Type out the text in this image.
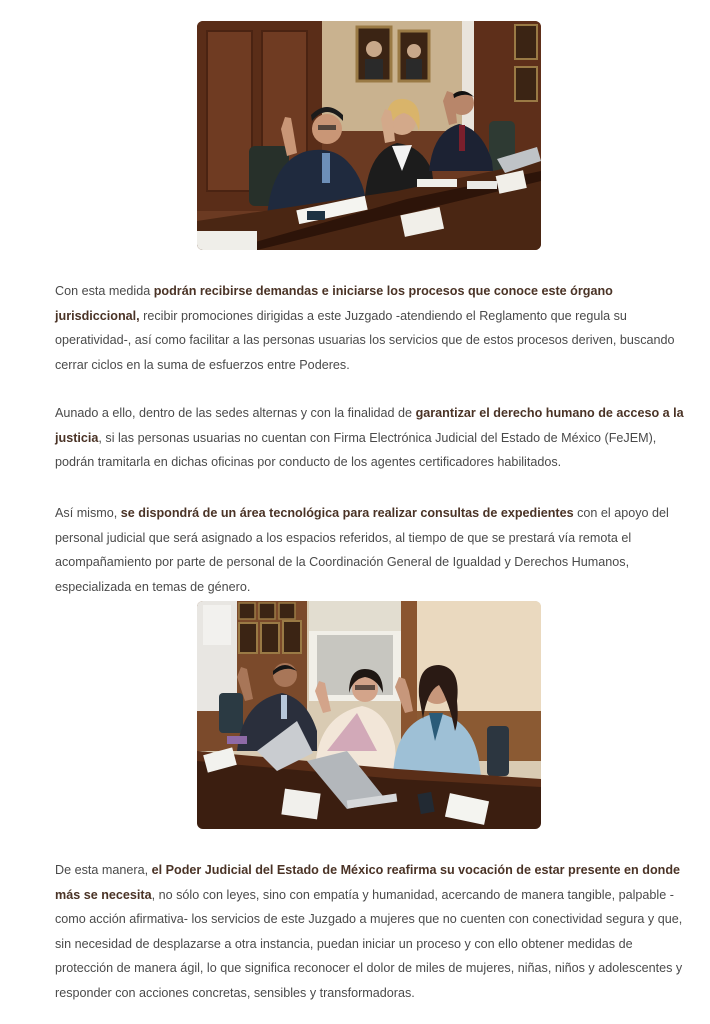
Con esta medida podrán recibirse demandas e iniciarse los procesos que conoce este órgano jurisdiccional, recibir promociones dirigidas a este Juzgado -atendiendo el Reglamento que regula su operatividad-, así como facilitar a las personas usuarias los servicios que de estos procesos deriven, buscando cerrar ciclos en la suma de esfuerzos entre Poderes.

Aunado a ello, dentro de las sedes alternas y con la finalidad de garantizar el derecho humano de acceso a la justicia, si las personas usuarias no cuentan con Firma Electrónica Judicial del Estado de México (FeJEM), podrán tramitarla en dichas oficinas por conducto de los agentes certificadores habilitados.

Así mismo, se dispondrá de un área tecnológica para realizar consultas de expedientes con el apoyo del personal judicial que será asignado a los espacios referidos, al tiempo de que se prestará vía remota el acompañamiento por parte de personal de la Coordinación General de Igualdad y Derechos Humanos, especializada en temas de género.

De esta manera, el Poder Judicial del Estado de México reafirma su vocación de estar presente en donde más se necesita, no sólo con leyes, sino con empatía y humanidad, acercando de manera tangible, palpable -como acción afirmativa- los servicios de este Juzgado a mujeres que no cuenten con conectividad segura y que, sin necesidad de desplazarse a otra instancia, puedan iniciar un proceso y con ello obtener medidas de protección de manera ágil, lo que significa reconocer el dolor de miles de mujeres, niñas, niños y adolescentes y responder con acciones concretas, sensibles y transformadoras.
